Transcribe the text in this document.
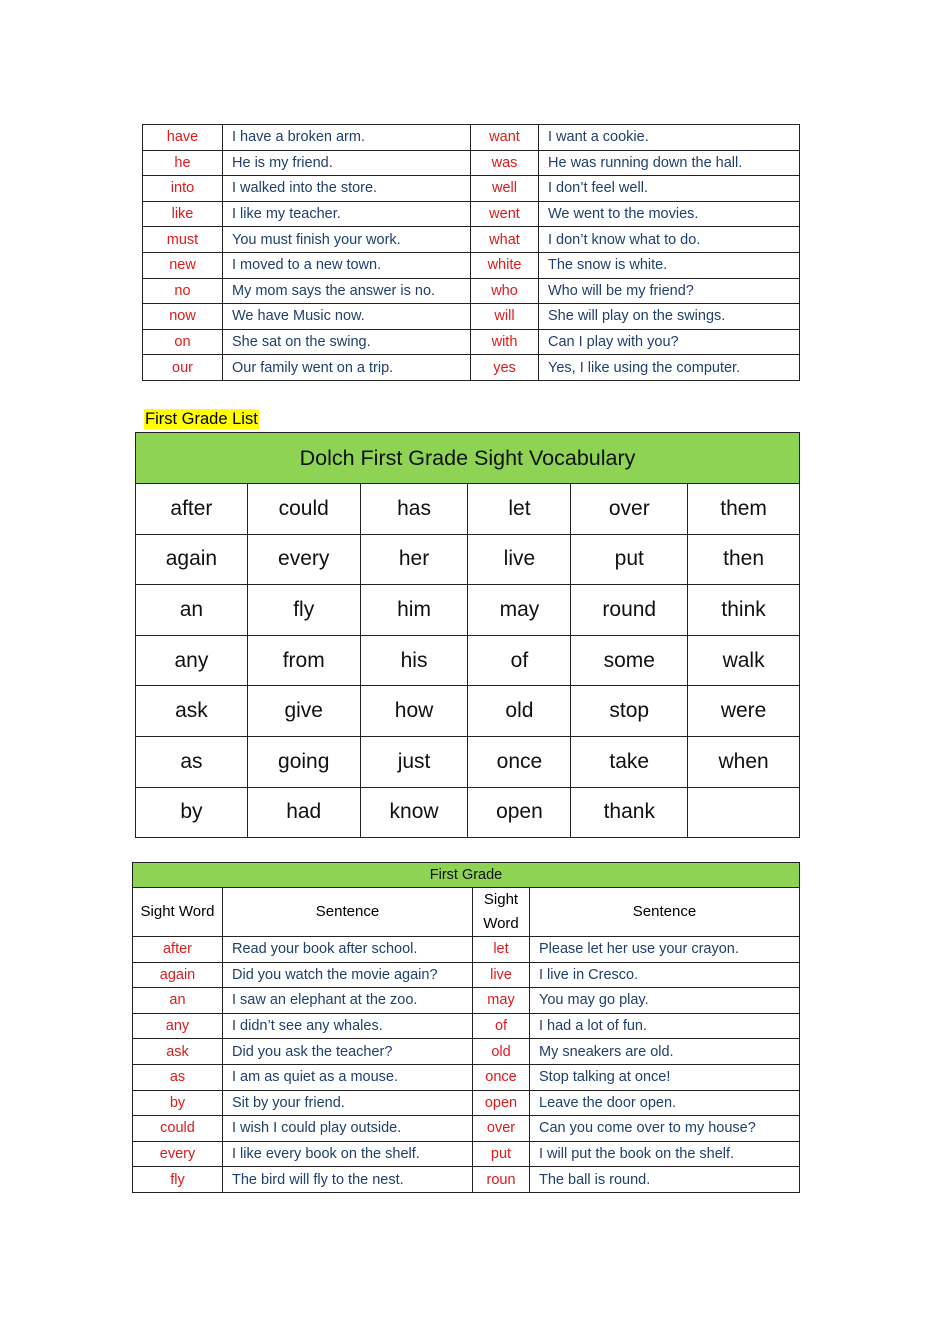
have	I have a broken arm.	want	I want a cookie.
he	He is my friend.	was	He was running down the hall.
into	I walked into the store.	well	I don’t feel well.
like	I like my teacher.	went	We went to the movies.
must	You must finish your work.	what	I don’t know what to do.
new	I moved to a new town.	white	The snow is white.
no	My mom says the answer is no.	who	Who will be my friend?
now	We have Music now.	will	She will play on the swings.
on	She sat on the swing.	with	Can I play with you?
our	Our family went on a trip.	yes	Yes, I like using the computer.
First Grade List
Dolch First Grade Sight Vocabulary					
after	could	has	let	over	them
again	every	her	live	put	then
an	fly	him	may	round	think
any	from	his	of	some	walk
ask	give	how	old	stop	were
as	going	just	once	take	when
by	had	know	open	thank	
First Grade			
Sight Word	Sentence	Sight Word	Sentence
after	Read your book after school.	let	Please let her use your crayon.
again	Did you watch the movie again?	live	I live in Cresco.
an	I saw an elephant at the zoo.	may	You may go play.
any	I didn’t see any whales.	of	I had a lot of fun.
ask	Did you ask the teacher?	old	My sneakers are old.
as	I am as quiet as a mouse.	once	Stop talking at once!
by	Sit by your friend.	open	Leave the door open.
could	I wish I could play outside.	over	Can you come over to my house?
every	I like every book on the shelf.	put	I will put the book on the shelf.
fly	The bird will fly to the nest.	roun	The ball is round.
